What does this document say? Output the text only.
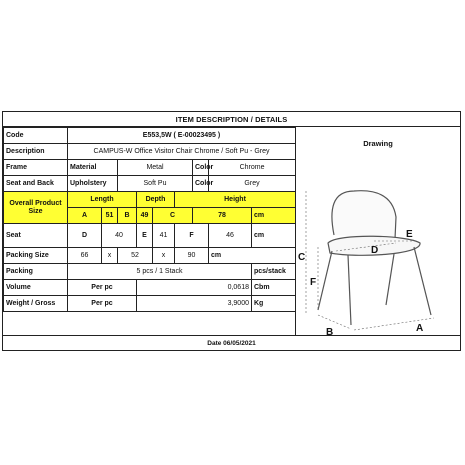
ITEM DESCRIPTION / DETAILS
Code	E553,5W ( E-00023495 )								
Description	CAMPUS-W Office Visitor Chair Chrome / Soft Pu - Grey								
Frame	Material		Metal				Color	Chrome	
Seat and Back	Upholstery		Soft Pu				Color	Grey	
Overall Product Size	Length			Depth		Height			
	A	51	B	49	C		78		cm
Seat	D	40		E	41	F		46	cm
Packing Size	66	x	52		x	90		cm	
Packing	5 pcs / 1 Stack								pcs/stack
Volume	Per pc			0,0618					Cbm
Weight / Gross	Per pc			3,9000					Kg
Drawing
C
F
D
E
B	A
Date 06/05/2021
